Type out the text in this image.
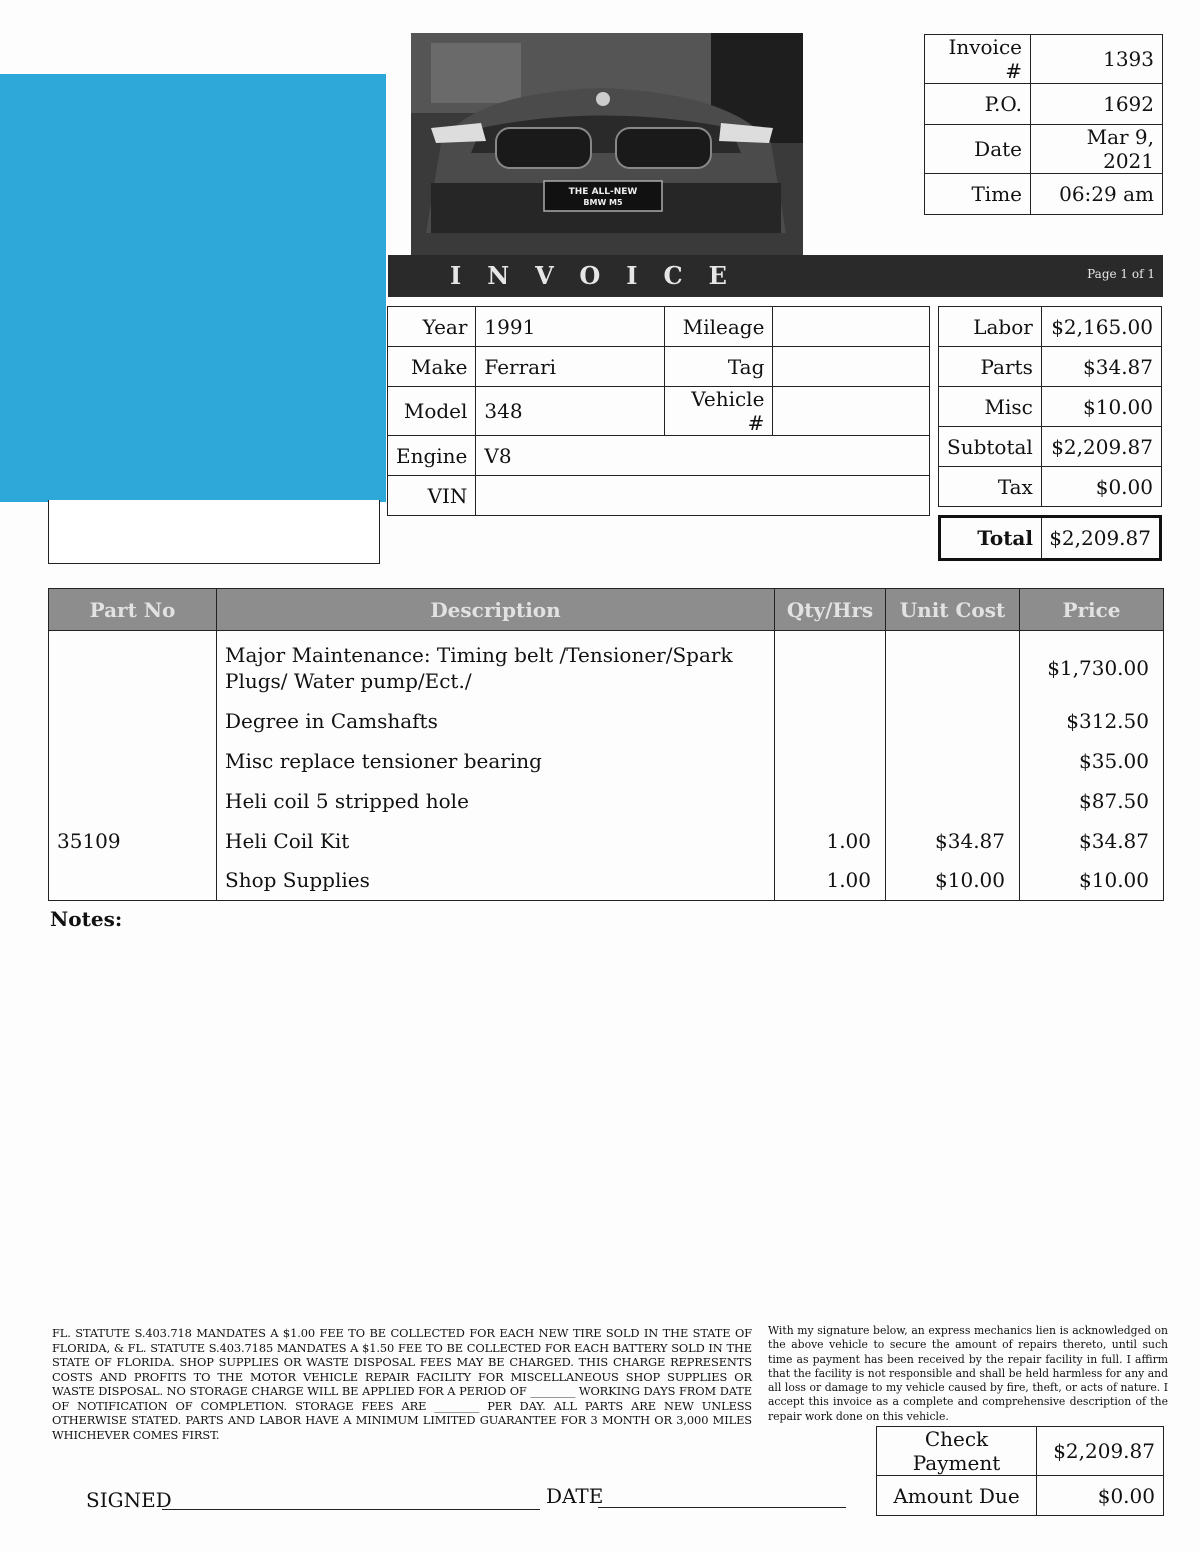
THE ALL-NEW
BMW M5
Invoice #	1393
P.O.	1692
Date	Mar 9, 2021
Time	06:29 am
INVOICE	Page 1 of 1
Year	1991	Mileage	
Make	Ferrari	Tag	
Model	348	Vehicle #	
Engine	V8		
VIN			
Labor	$2,165.00
Parts	$34.87
Misc	$10.00
Subtotal	$2,209.87
Tax	$0.00
Total $2,209.87
Part No	Description	Qty/Hrs	Unit Cost	Price
	Major Maintenance: Timing belt /Tensioner/Spark Plugs/ Water pump/Ect./			$1,730.00
	Degree in Camshafts			$312.50
	Misc replace tensioner bearing			$35.00
	Heli coil 5 stripped hole			$87.50
35109	Heli Coil Kit	1.00	$34.87	$34.87
	Shop Supplies	1.00	$10.00	$10.00
Notes:
FL. STATUTE S.403.718 MANDATES A $1.00 FEE TO BE COLLECTED FOR EACH NEW TIRE SOLD IN THE STATE OF FLORIDA, & FL. STATUTE S.403.7185 MANDATES A $1.50 FEE TO BE COLLECTED FOR EACH BATTERY SOLD IN THE STATE OF FLORIDA. SHOP SUPPLIES OR WASTE DISPOSAL FEES MAY BE CHARGED. THIS CHARGE REPRESENTS COSTS AND PROFITS TO THE MOTOR VEHICLE REPAIR FACILITY FOR MISCELLANEOUS SHOP SUPPLIES OR WASTE DISPOSAL. NO STORAGE CHARGE WILL BE APPLIED FOR A PERIOD OF ________ WORKING DAYS FROM DATE OF NOTIFICATION OF COMPLETION. STORAGE FEES ARE ________ PER DAY. ALL PARTS ARE NEW UNLESS OTHERWISE STATED. PARTS AND LABOR HAVE A MINIMUM LIMITED GUARANTEE FOR 3 MONTH OR 3,000 MILES WHICHEVER COMES FIRST.
With my signature below, an express mechanics lien is acknowledged on the above vehicle to secure the amount of repairs thereto, until such time as payment has been received by the repair facility in full. I affirm that the facility is not responsible and shall be held harmless for any and all loss or damage to my vehicle caused by fire, theft, or acts of nature. I accept this invoice as a complete and comprehensive description of the repair work done on this vehicle.
Check Payment	$2,209.87
Amount Due	$0.00
SIGNED	DATE
